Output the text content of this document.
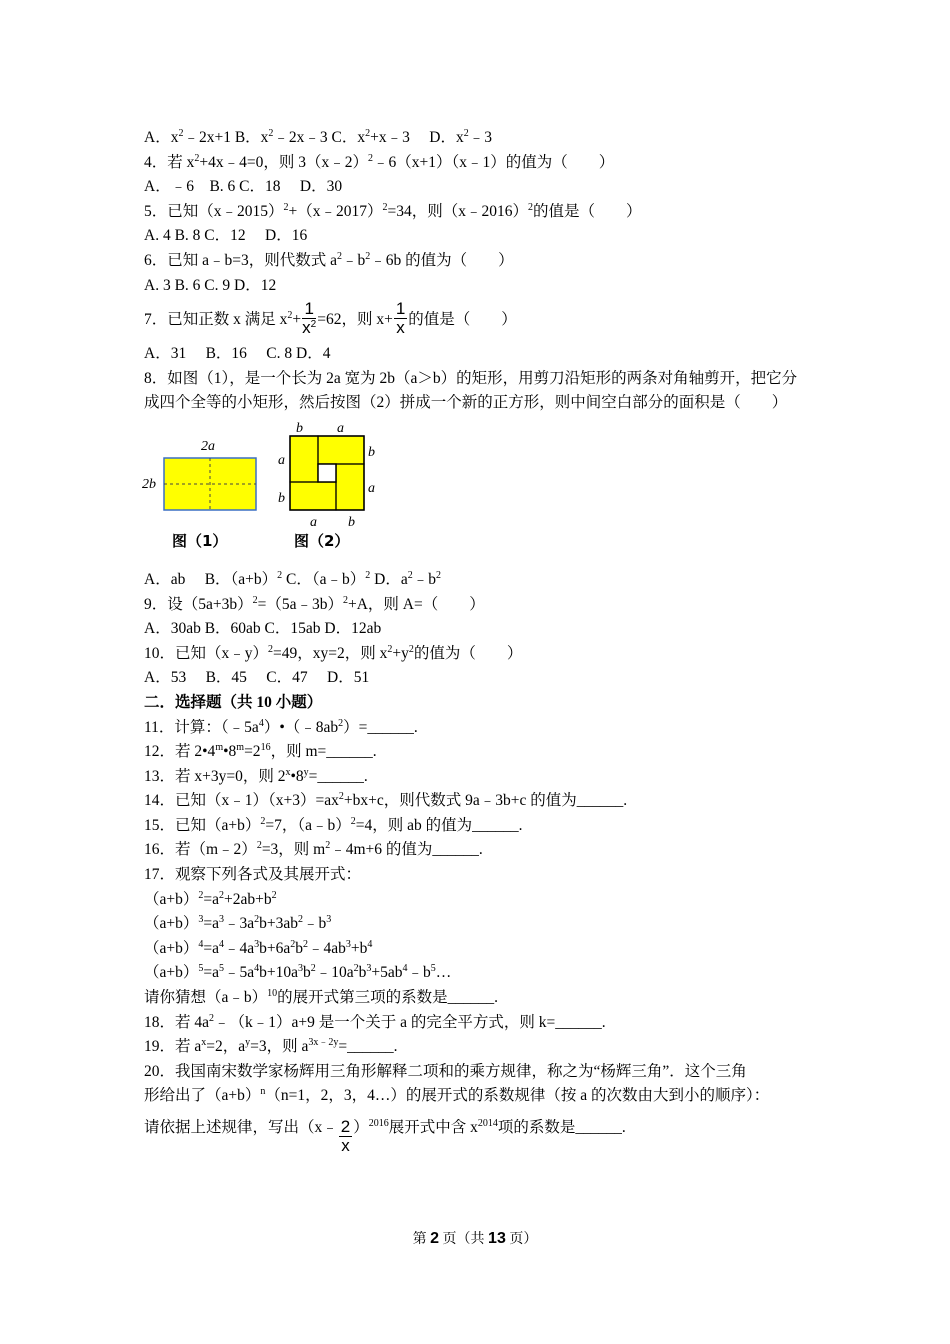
A．$x^2﹣2x+1$ B．$x^2﹣2x﹣3$ C．$x^2+x﹣3$　 D．$x^2﹣3$
4．若 $x^2+4x﹣4=0$，则 3（x﹣2）$^2$﹣6（x+1）（x﹣1）的值为（　　）
A．﹣6　B. 6 C．18　 D．30
5．已知（x﹣2015）$^2$+（x﹣2017）$^2$=34，则（x﹣2016）$^2$的值是（　　）
A. 4 B. 8 C．12　 D．16
6．已知 a﹣b=3，则代数式 $a^2﹣b^2﹣6b$ 的值为（　　）
A. 3 B. 6 C. 9 D．12
7．已知正数 x 满足 $x^2+ \frac{1}{x^2} =62$，则 $x+ \frac{1}{x}$ 的值是（　　）
A．31　 B．16　 C. 8 D．4
8．如图（1），是一个长为 2a 宽为 2b（a＞b）的矩形，用剪刀沿矩形的两条对角轴剪开，把它分
成四个全等的小矩形，然后按图（2）拼成一个新的正方形，则中间空白部分的面积是（　　）
2a
2b
b a
a
b
b
a
a b
图（1）	图（2）
A．ab　 B．$(a+b)^2$ C．（a﹣b）$^2$ D．$a^2﹣b^2$
9．设$(5a+3b)^2=(5a﹣3b)^2+A$，则 A=（　　）
A．30ab B．60ab C．15ab D．12ab
10．已知（x﹣y）$^2$=49，xy=2，则 $x^2+y^2$的值为（　　）
A．53　 B．45　 C．47　 D．51
二．选择题（共 10 小题）
11．计算：$(﹣5a^4)•(﹣8ab^2)=\_\_\_\_\_\_$.
12．若 $2•4^m•8^m=2^{16}$，则 m=______.
13．若 x+3y=0，则 $2^x•8^y=\_\_\_\_\_\_$.
14．已知$(x﹣1)(x+3)=ax^2+bx+c$，则代数式 9a﹣3b+c 的值为______.
15．已知$(a+b)^2=7$，（a﹣b）$^2$=4，则 ab 的值为______.
16．若（m﹣2）$^2$=3，则 $m^2﹣4m+6$ 的值为______.
17．观察下列各式及其展开式：
$(a+b)^2=a^2+2ab+b^2$
$(a+b)^3=a^3﹣3a^2b+3ab^2﹣b^3$
$(a+b)^4=a^4﹣4a^3b+6a^2b^2﹣4ab^3+b^4$
$(a+b)^5=a^5﹣5a^4b+10a^3b^2﹣10a^2b^3+5ab^4﹣b^5\dots$
请你猜想（a﹣b）$^{10}$的展开式第三项的系数是______.
18．若 $4a^2﹣(k﹣1)a+9$ 是一个关于 a 的完全平方式，则 k=______.
19．若 $a^x=2$，$a^y=3$，则 $a^{3x﹣2y}=\_\_\_\_\_\_$.
20．我国南宋数学家杨辉用三角形解释二项和的乘方规律，称之为“杨辉三角”．这个三角
形给出了$(a+b)^n(n=1$，2，3，4…）的展开式的系数规律（按 a 的次数由大到小的顺序）：
请依据上述规律，写出（x﹣ $\frac{2}{x} )^{2016}$展开式中含 $x^{2014}$项的系数是______.
第 2 页（共 13 页）
